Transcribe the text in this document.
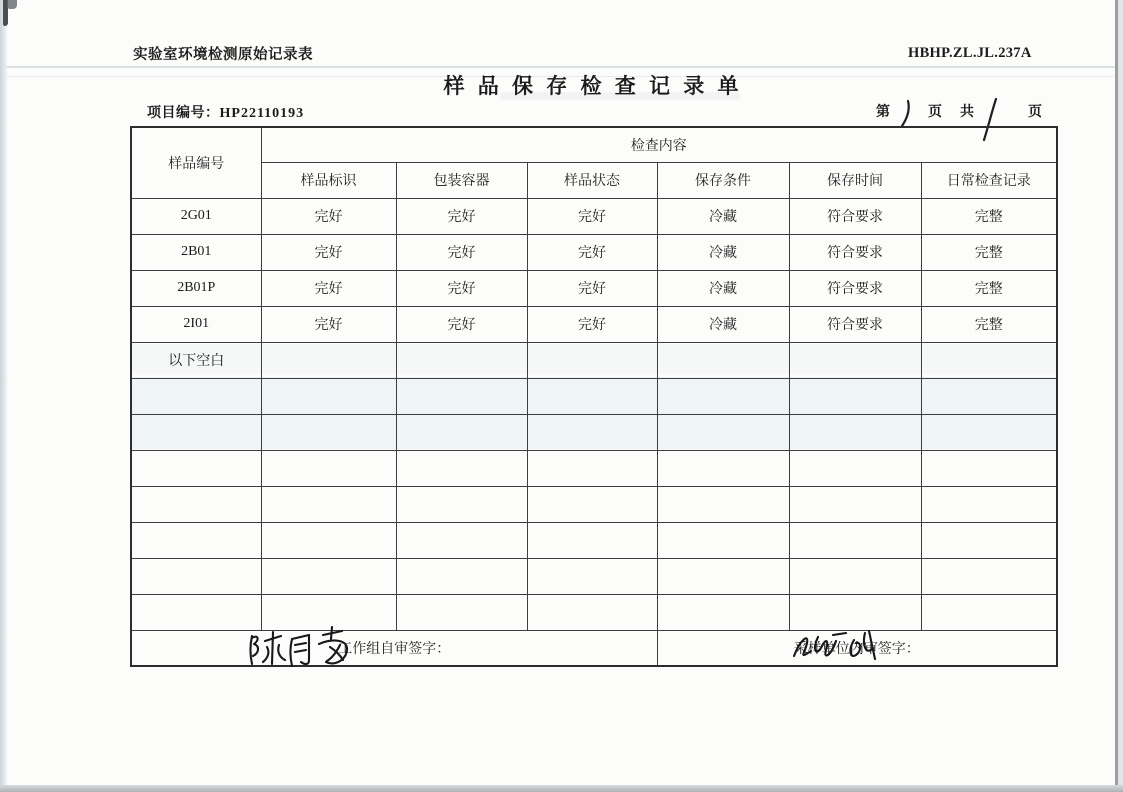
实验室环境检测原始记录表	HBHP.ZL.JL.237A
样 品 保 存 检 查 记 录 单
项目编号：HP22110193	第	页 共	页
样品编号	检查内容					
	样品标识	包装容器	样品状态	保存条件	保存时间	日常检查记录
2G01	完好	完好	完好	冷藏	符合要求	完整
2B01	完好	完好	完好	冷藏	符合要求	完整
2B01P	完好	完好	完好	冷藏	符合要求	完整
2I01	完好	完好	完好	冷藏	符合要求	完整
以下空白						

工作组自审签字：				采样单位内审签字：		
